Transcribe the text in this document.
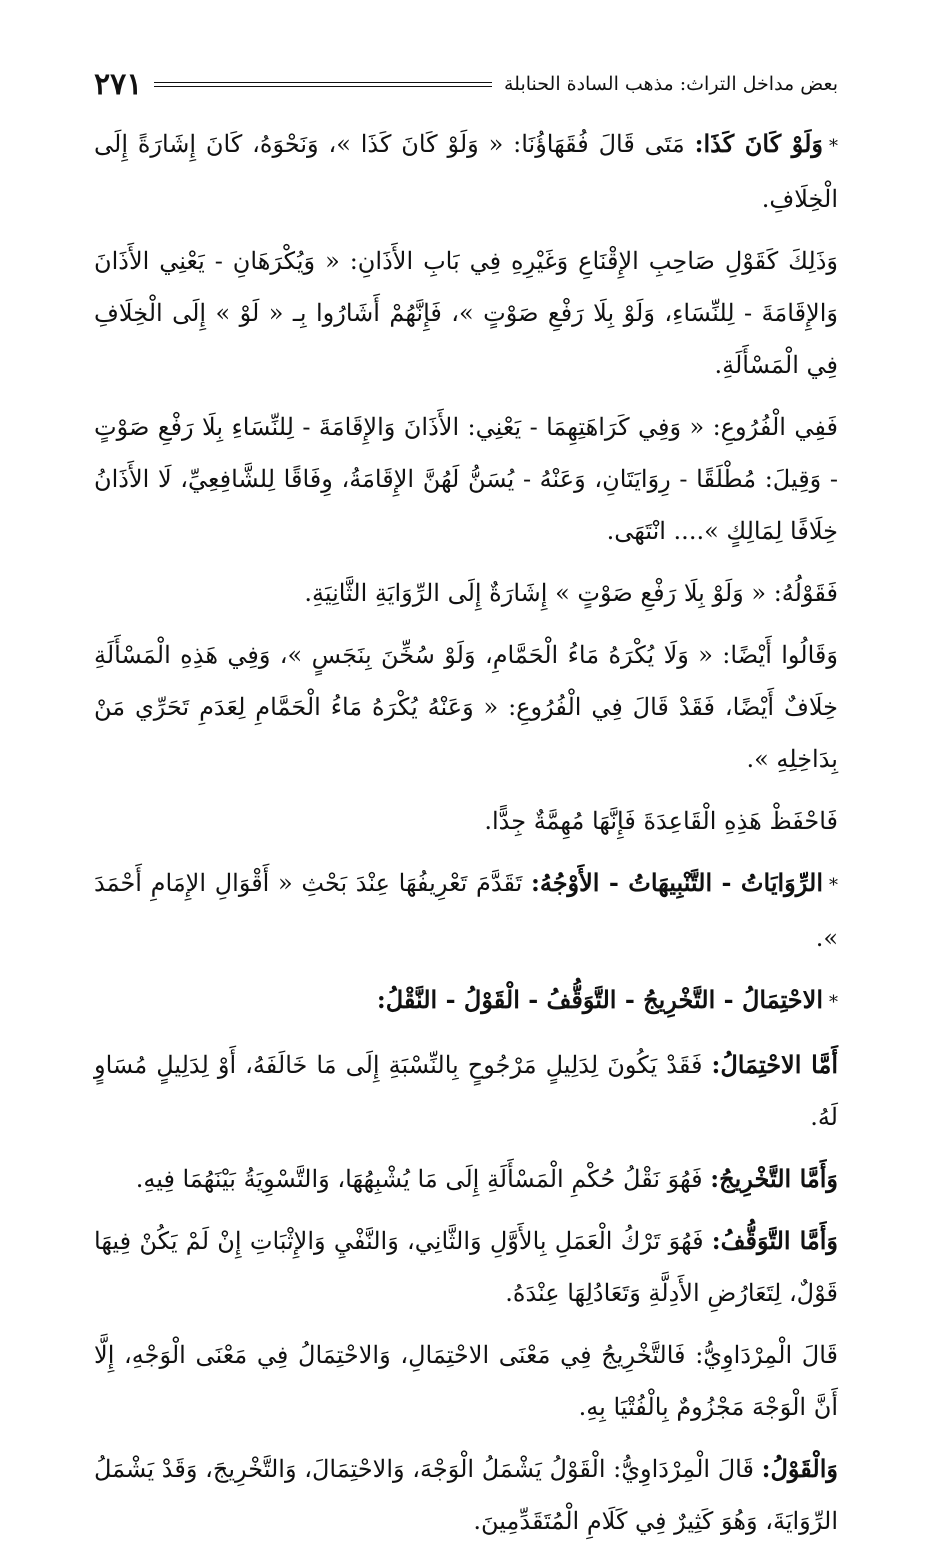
بعض مداخل التراث: مذهب السادة الحنابلة
٢٧١

*وَلَوْ كَانَ كَذَا: مَتَى قَالَ فُقَهَاؤُنَا: « وَلَوْ كَانَ كَذَا »، وَنَحْوَهُ، كَانَ إِشَارَةً إِلَى الْخِلَافِ.

وَذَلِكَ كَقَوْلِ صَاحِبِ الإِقْنَاعِ وَغَيْرِهِ فِي بَابِ الأَذَانِ: « وَيُكْرَهَانِ - يَعْنِي الأَذَانَ وَالإِقَامَةَ - لِلنِّسَاءِ، وَلَوْ بِلَا رَفْعِ صَوْتٍ »، فَإِنَّهُمْ أَشَارُوا بِـ « لَوْ » إِلَى الْخِلَافِ فِي الْمَسْأَلَةِ.

فَفِي الْفُرُوعِ: « وَفِي كَرَاهَتِهِمَا - يَعْنِي: الأَذَانَ وَالإِقَامَةَ - لِلنِّسَاءِ بِلَا رَفْعِ صَوْتٍ - وَقِيلَ: مُطْلَقًا - رِوَايَتَانِ، وَعَنْهُ - يُسَنُّ لَهُنَّ الإِقَامَةُ، وِفَاقًا لِلشَّافِعِيِّ، لَا الأَذَانُ خِلَافًا لِمَالِكٍ ».... انْتَهَى.

فَقَوْلُهُ: « وَلَوْ بِلَا رَفْعِ صَوْتٍ » إِشَارَةٌ إِلَى الرِّوَايَةِ الثَّانِيَةِ.

وَقَالُوا أَيْضًا: « وَلَا يُكْرَهُ مَاءُ الْحَمَّامِ، وَلَوْ سُخِّنَ بِنَجَسٍ »، وَفِي هَذِهِ الْمَسْأَلَةِ خِلَافٌ أَيْضًا، فَقَدْ قَالَ فِي الْفُرُوعِ: « وَعَنْهُ يُكْرَهُ مَاءُ الْحَمَّامِ لِعَدَمِ تَحَرِّي مَنْ بِدَاخِلِهِ ».

فَاحْفَظْ هَذِهِ الْقَاعِدَةَ فَإِنَّهَا مُهِمَّةٌ جِدًّا.

*الرِّوَايَاتُ - التَّنْبِيهَاتُ - الأَوْجُهُ: تَقَدَّمَ تَعْرِيفُهَا عِنْدَ بَحْثِ « أَقْوَالِ الإِمَامِ أَحْمَدَ ».

*الاحْتِمَالُ - التَّخْرِيجُ - التَّوَقُّفُ - الْقَوْلُ - النَّقْلُ:

أَمَّا الاحْتِمَالُ: فَقَدْ يَكُونَ لِدَلِيلٍ مَرْجُوحٍ بِالنِّسْبَةِ إِلَى مَا خَالَفَهُ، أَوْ لِدَلِيلٍ مُسَاوٍ لَهُ.

وَأَمَّا التَّخْرِيجُ: فَهُوَ نَقْلُ حُكْمِ الْمَسْأَلَةِ إِلَى مَا يُشْبِهُهَا، وَالتَّسْوِيَةُ بَيْنَهُمَا فِيهِ.

وَأَمَّا التَّوَقُّفُ: فَهُوَ تَرْكُ الْعَمَلِ بِالأَوَّلِ وَالثَّانِي، وَالنَّفْيِ وَالإِثْبَاتِ إِنْ لَمْ يَكُنْ فِيهَا قَوْلٌ، لِتَعَارُضِ الأَدِلَّةِ وَتَعَادُلِهَا عِنْدَهُ.

قَالَ الْمِرْدَاوِيُّ: فَالتَّخْرِيجُ فِي مَعْنَى الاحْتِمَالِ، وَالاحْتِمَالُ فِي مَعْنَى الْوَجْهِ، إِلَّا أَنَّ الْوَجْهَ مَجْزُومٌ بِالْفُتْيَا بِهِ.

وَالْقَوْلُ: قَالَ الْمِرْدَاوِيُّ: الْقَوْلُ يَشْمَلُ الْوَجْهَ، وَالاحْتِمَالَ، وَالتَّخْرِيجَ، وَقَدْ يَشْمَلُ الرِّوَايَةَ، وَهُوَ كَثِيرٌ فِي كَلَامِ الْمُتَقَدِّمِينَ.
